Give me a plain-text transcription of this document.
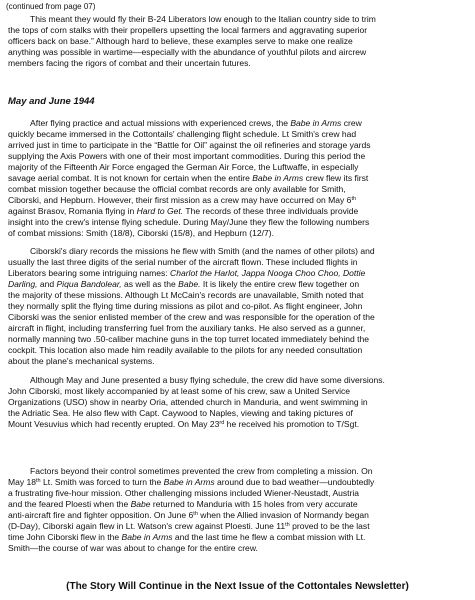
(continued from page 07)
This meant they would fly their B-24 Liberators low enough to the Italian country side to trim
the tops of corn stalks with their propellers upsetting the local farmers and aggravating superior
officers back on base.” Although hard to believe, these examples serve to make one realize
anything was possible in wartime—especially with the abundance of youthful pilots and aircrew
members facing the rigors of combat and their uncertain futures.
May and June 1944
After flying practice and actual missions with experienced crews, the Babe in Arms crew
quickly became immersed in the Cottontails' challenging flight schedule. Lt Smith's crew had
arrived just in time to participate in the “Battle for Oil” against the oil refineries and storage yards
supplying the Axis Powers with one of their most important commodities. During this period the
majority of the Fifteenth Air Force engaged the German Air Force, the Luftwaffe, in especially
savage aerial combat. It is not known for certain when the entire Babe in Arms crew flew its first
combat mission together because the official combat records are only available for Smith,
Ciborski, and Hepburn. However, their first mission as a crew may have occurred on May 6th
against Brasov, Romania flying in Hard to Get. The records of these three individuals provide
insight into the crew's intense flying schedule. During May/June they flew the following numbers
of combat missions: Smith (18/8), Ciborski (15/8), and Hepburn (12/7).
Ciborski's diary records the missions he flew with Smith (and the names of other pilots) and
usually the last three digits of the serial number of the aircraft flown. These included flights in
Liberators bearing some intriguing names: Charlot the Harlot, Jappa Nooga Choo Choo, Dottie
Darling, and Piqua Bandolear, as well as the Babe. It is likely the entire crew flew together on
the majority of these missions. Although Lt McCain's records are unavailable, Smith noted that
they normally split the flying time during missions as pilot and co-pilot. As flight engineer, John
Ciborski was the senior enlisted member of the crew and was responsible for the operation of the
aircraft in flight, including transferring fuel from the auxiliary tanks. He also served as a gunner,
normally manning two .50-caliber machine guns in the top turret located immediately behind the
cockpit. This location also made him readily available to the pilots for any needed consultation
about the plane's mechanical systems.
Although May and June presented a busy flying schedule, the crew did have some diversions.
John Ciborski, most likely accompanied by at least some of his crew, saw a United Service
Organizations (USO) show in nearby Oria, attended church in Manduria, and went swimming in
the Adriatic Sea. He also flew with Capt. Caywood to Naples, viewing and taking pictures of
Mount Vesuvius which had recently erupted. On May 23rd he received his promotion to T/Sgt.
Factors beyond their control sometimes prevented the crew from completing a mission. On
May 18th Lt. Smith was forced to turn the Babe in Arms around due to bad weather—undoubtedly
a frustrating five-hour mission. Other challenging missions included Wiener-Neustadt, Austria
and the feared Ploesti when the Babe returned to Manduria with 15 holes from very accurate
anti-aircraft fire and fighter opposition. On June 6th when the Allied invasion of Normandy began
(D-Day), Ciborski again flew in Lt. Watson's crew against Ploesti. June 11th proved to be the last
time John Ciborski flew in the Babe in Arms and the last time he flew a combat mission with Lt.
Smith—the course of war was about to change for the entire crew.
(The Story Will Continue in the Next Issue of the Cottontales Newsletter)
